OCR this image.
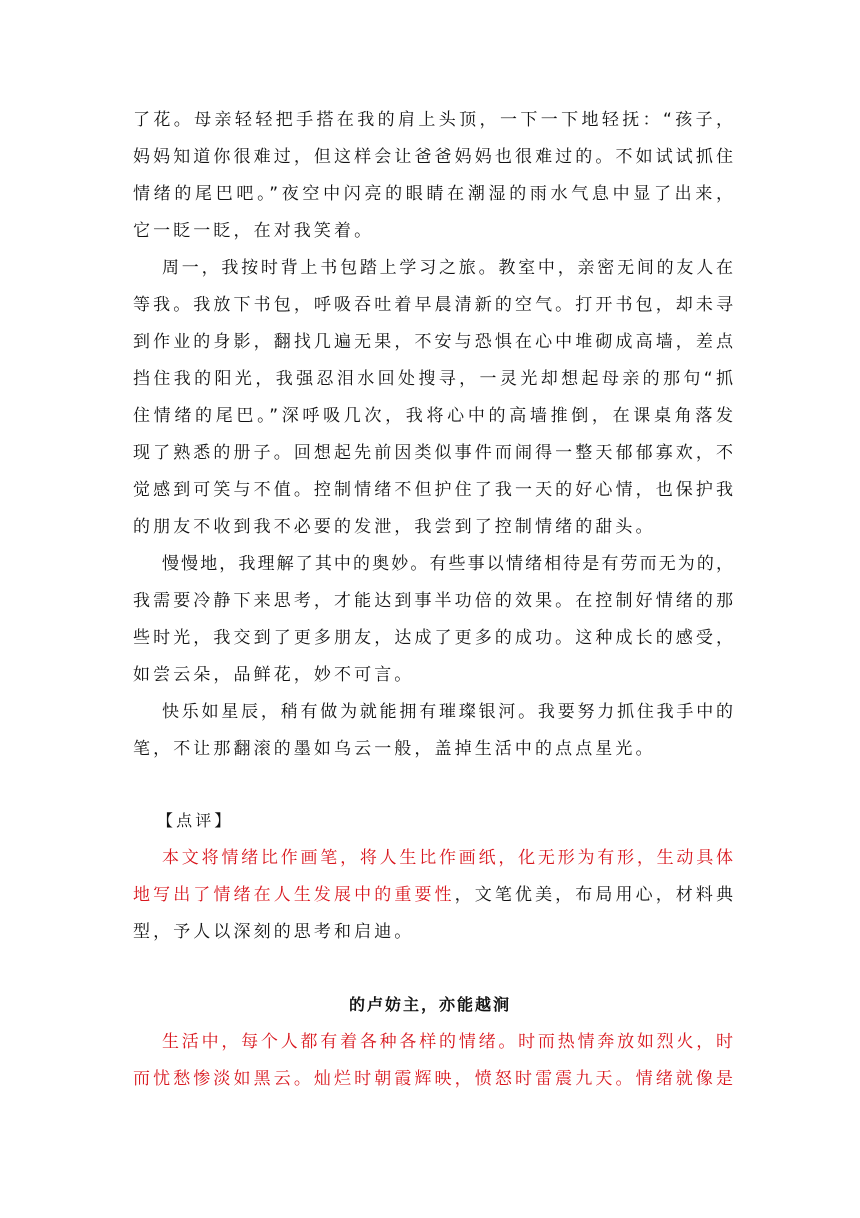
了花。母亲轻轻把手搭在我的肩上头顶，一下一下地轻抚：“孩子，
妈妈知道你很难过，但这样会让爸爸妈妈也很难过的。不如试试抓住
情绪的尾巴吧。”夜空中闪亮的眼睛在潮湿的雨水气息中显了出来，
它一眨一眨，在对我笑着。
周一，我按时背上书包踏上学习之旅。教室中，亲密无间的友人在
等我。我放下书包，呼吸吞吐着早晨清新的空气。打开书包，却未寻
到作业的身影，翻找几遍无果，不安与恐惧在心中堆砌成高墙，差点
挡住我的阳光，我强忍泪水回处搜寻，一灵光却想起母亲的那句“抓
住情绪的尾巴。”深呼吸几次，我将心中的高墙推倒，在课桌角落发
现了熟悉的册子。回想起先前因类似事件而闹得一整天郁郁寡欢，不
觉感到可笑与不值。控制情绪不但护住了我一天的好心情，也保护我
的朋友不收到我不必要的发泄，我尝到了控制情绪的甜头。
慢慢地，我理解了其中的奥妙。有些事以情绪相待是有劳而无为的，
我需要冷静下来思考，才能达到事半功倍的效果。在控制好情绪的那
些时光，我交到了更多朋友，达成了更多的成功。这种成长的感受，
如尝云朵，品鲜花，妙不可言。
快乐如星辰，稍有做为就能拥有璀璨银河。我要努力抓住我手中的
笔，不让那翻滚的墨如乌云一般，盖掉生活中的点点星光。
【点评】
本文将情绪比作画笔，将人生比作画纸，化无形为有形，生动具体
地写出了情绪在人生发展中的重要性，文笔优美，布局用心，材料典
型，予人以深刻的思考和启迪。
的卢妨主，亦能越涧
生活中，每个人都有着各种各样的情绪。时而热情奔放如烈火，时
而忧愁惨淡如黑云。灿烂时朝霞辉映，愤怒时雷震九天。情绪就像是
